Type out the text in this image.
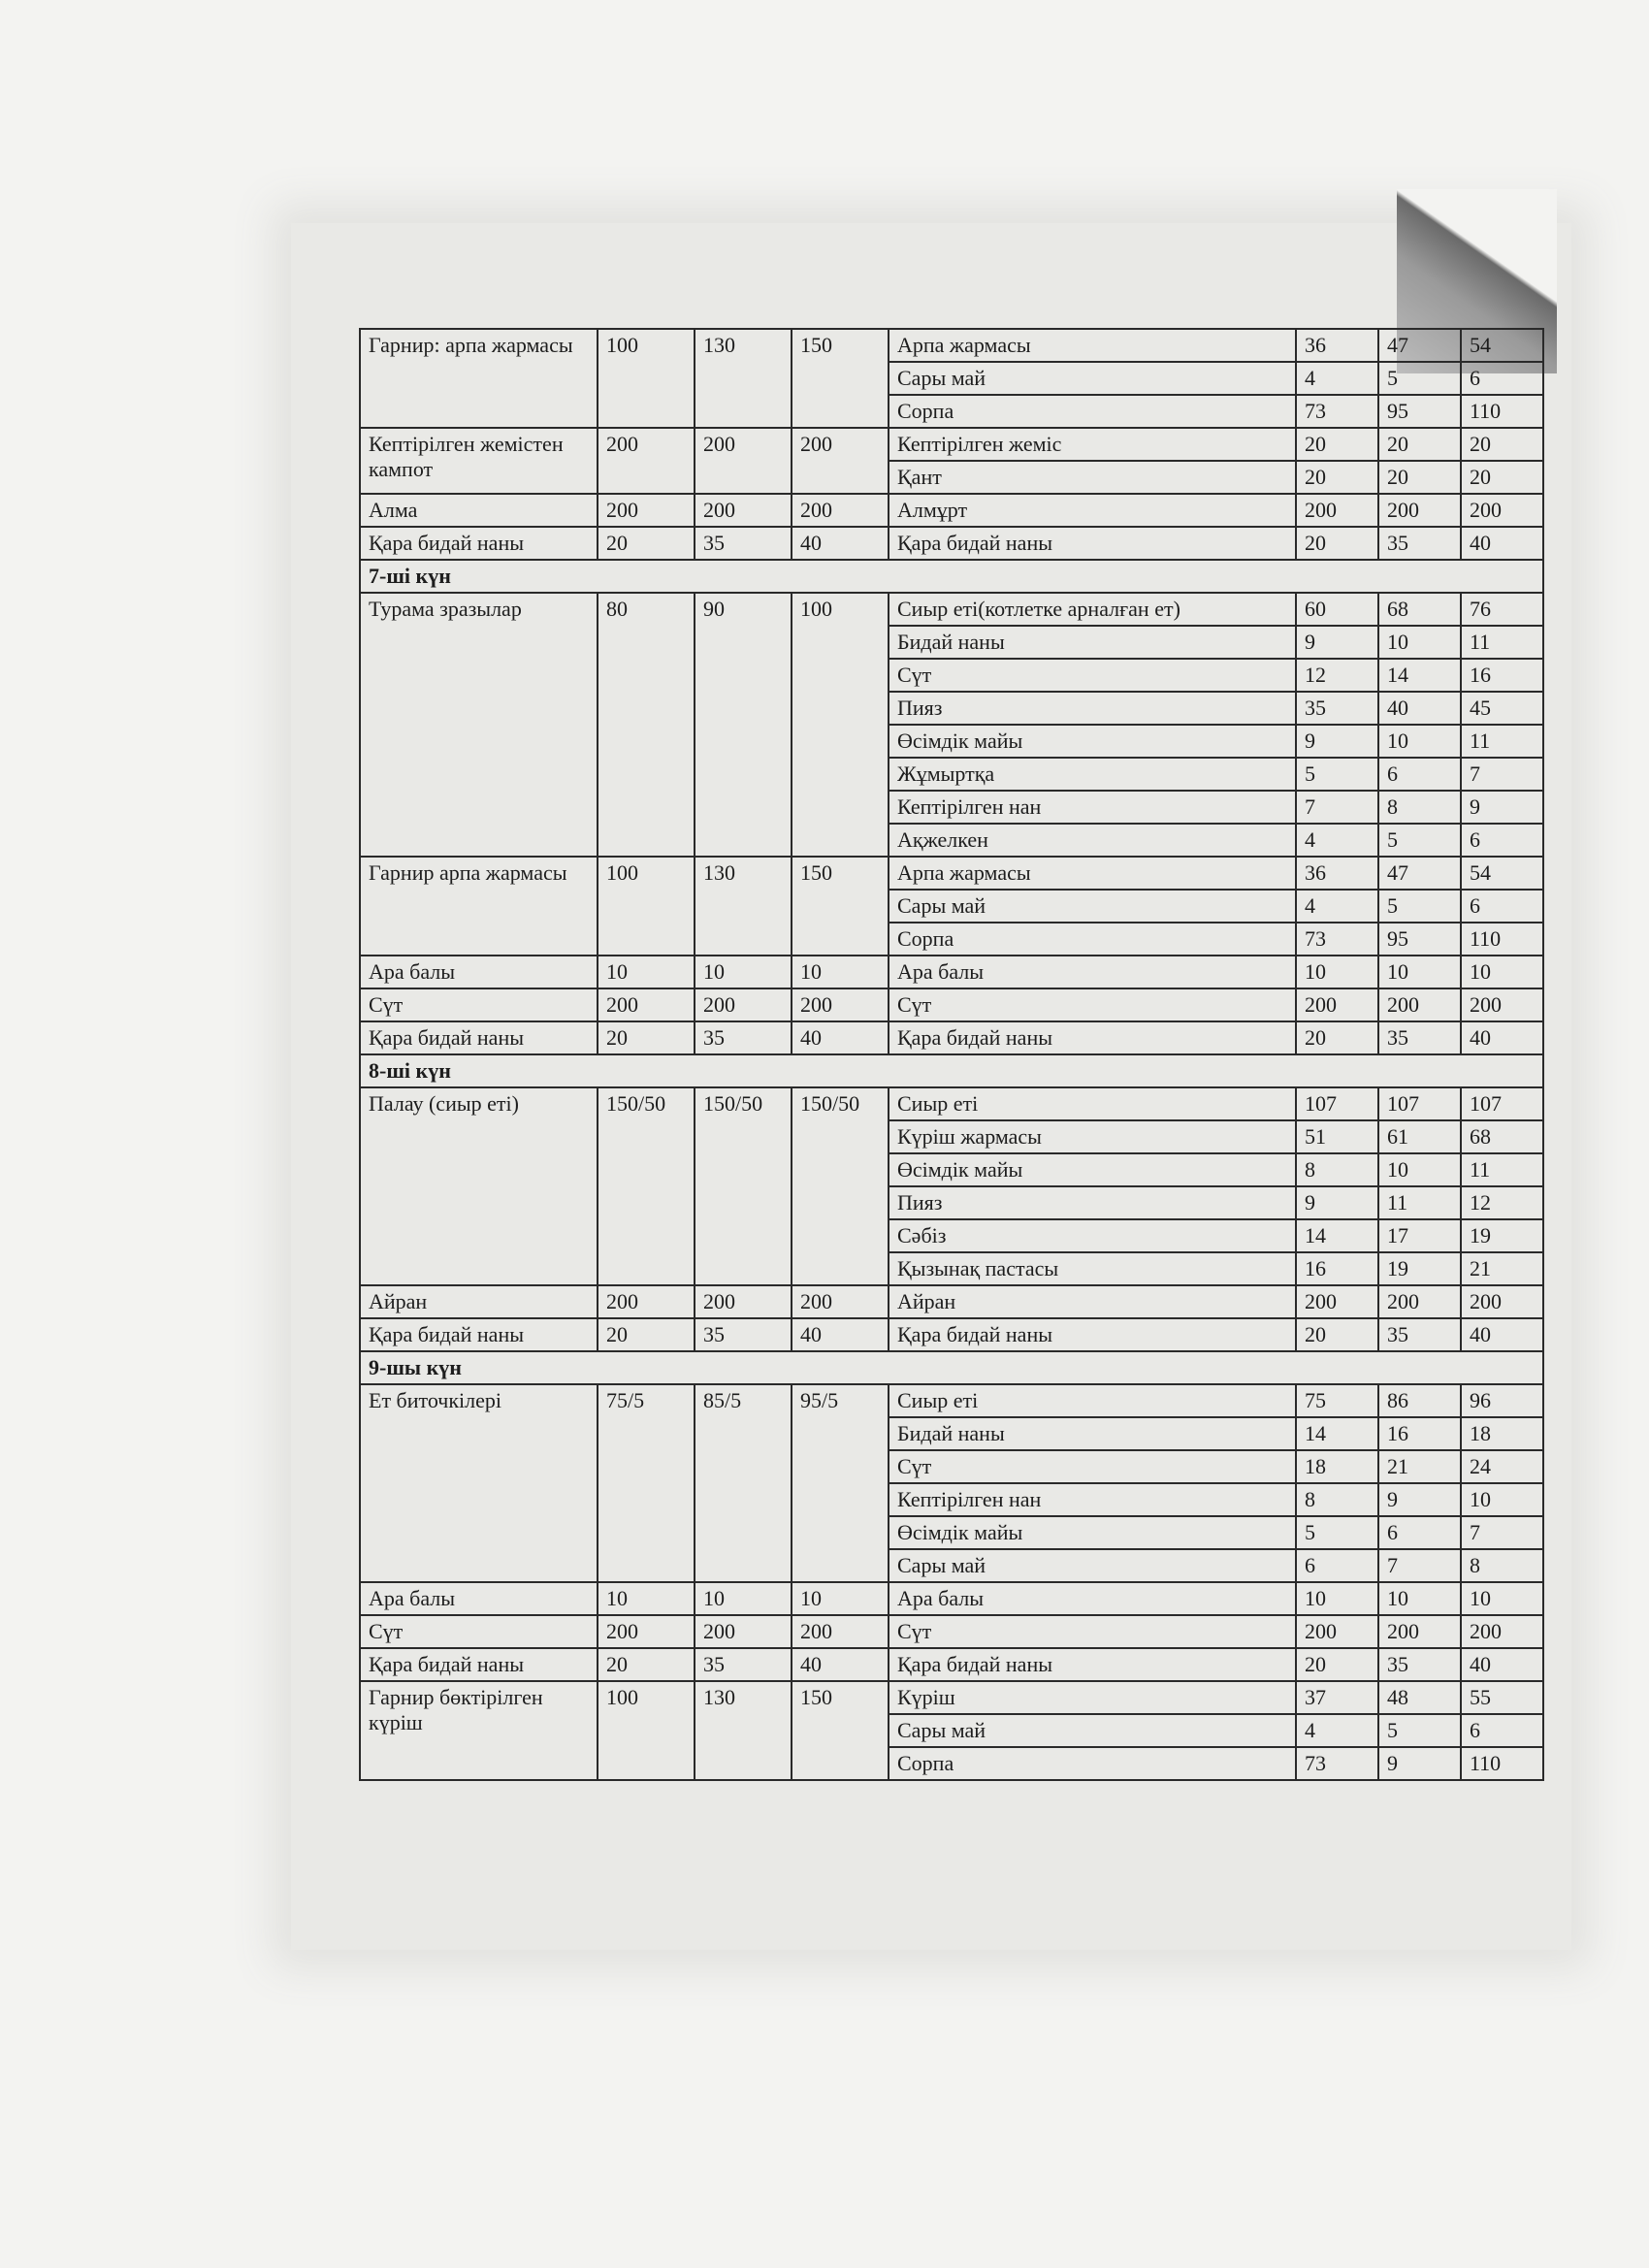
Гарнир: арпа жармасы	100	130	150	Арпа жармасы	36	47	54
				Сары май	4	5	6
				Сорпа	73	95	110
Кептірілген жемістен кампот	200	200	200	Кептірілген жеміс	20	20	20
				Қант	20	20	20
Алма	200	200	200	Алмұрт	200	200	200
Қара бидай наны	20	35	40	Қара бидай наны	20	35	40
7-ші күн							
Турама зразылар	80	90	100	Сиыр еті(котлетке арналған ет)	60	68	76
				Бидай наны	9	10	11
				Сүт	12	14	16
				Пияз	35	40	45
				Өсімдік майы	9	10	11
				Жұмыртқа	5	6	7
				Кептірілген нан	7	8	9
				Ақжелкен	4	5	6
Гарнир арпа жармасы	100	130	150	Арпа жармасы	36	47	54
				Сары май	4	5	6
				Сорпа	73	95	110
Ара балы	10	10	10	Ара балы	10	10	10
Сүт	200	200	200	Сүт	200	200	200
Қара бидай наны	20	35	40	Қара бидай наны	20	35	40
8-ші күн							
Палау (сиыр еті)	150/50	150/50	150/50	Сиыр еті	107	107	107
				Күріш жармасы	51	61	68
				Өсімдік майы	8	10	11
				Пияз	9	11	12
				Сәбіз	14	17	19
				Қызынақ пастасы	16	19	21
Айран	200	200	200	Айран	200	200	200
Қара бидай наны	20	35	40	Қара бидай наны	20	35	40
9-шы күн							
Ет биточкілері	75/5	85/5	95/5	Сиыр еті	75	86	96
				Бидай наны	14	16	18
				Сүт	18	21	24
				Кептірілген нан	8	9	10
				Өсімдік майы	5	6	7
				Сары май	6	7	8
Ара балы	10	10	10	Ара балы	10	10	10
Сүт	200	200	200	Сүт	200	200	200
Қара бидай наны	20	35	40	Қара бидай наны	20	35	40
Гарнир бөктірілген күріш	100	130	150	Күріш	37	48	55
				Сары май	4	5	6
				Сорпа	73	9	110
